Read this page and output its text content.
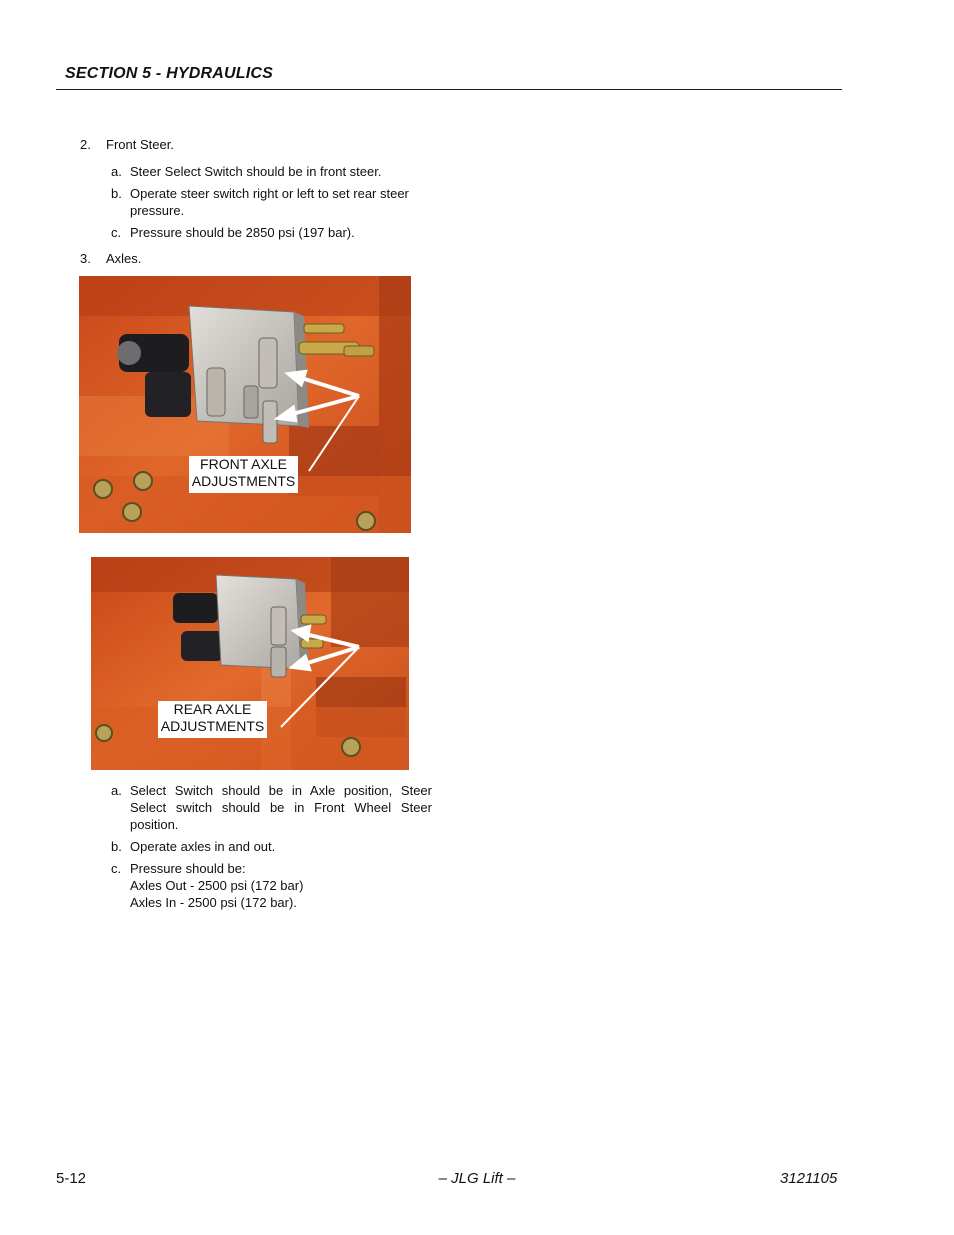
SECTION 5 - HYDRAULICS
2. Front Steer.
a. Steer Select Switch should be in front steer.
b. Operate steer switch right or left to set rear steer pressure.
c. Pressure should be 2850 psi (197 bar).
3. Axles.
FRONT AXLE
ADJUSTMENTS
REAR AXLE
ADJUSTMENTS
a. Select Switch should be in Axle position, Steer Select switch should be in Front Wheel Steer position.
b. Operate axles in and out.
c. Pressure should be:
Axles Out - 2500 psi (172 bar)
Axles In - 2500 psi (172 bar).
5-12	– JLG Lift –	3121105
